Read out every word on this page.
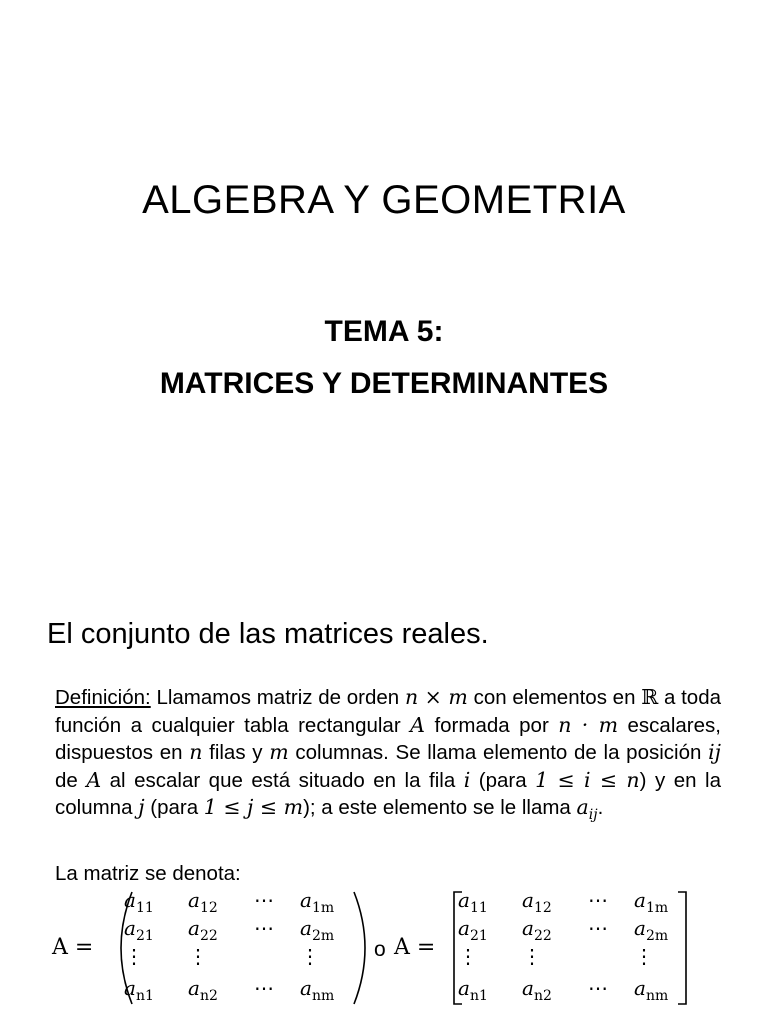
ALGEBRA Y GEOMETRIA
TEMA 5:
MATRICES Y DETERMINANTES
El conjunto de las matrices reales.
Definición: Llamamos matriz de orden n × m con elementos en ℝ a toda función a cualquier tabla rectangular A formada por n · m escalares, dispuestos en n filas y m columnas. Se llama elemento de la posición ij de A al escalar que está situado en la fila i (para 1 ≤ i ≤ n) y en la columna j (para 1 ≤ j ≤ m); a este elemento se le llama $a_{ij}$.
La matriz se denota:
A =	o A =
$a_{11}$ $a_{12}$ ⋯ $a_{1m}$
$a_{21}$ $a_{22}$ ⋯ $a_{2m}$
⋮ ⋮	⋮
$a_{n1}$ $a_{n2}$ ⋯ $a_{nm}$
$a_{11}$ $a_{12}$ ⋯ $a_{1m}$
$a_{21}$ $a_{22}$ ⋯ $a_{2m}$
⋮ ⋮	⋮
$a_{n1}$ $a_{n2}$ ⋯ $a_{nm}$
